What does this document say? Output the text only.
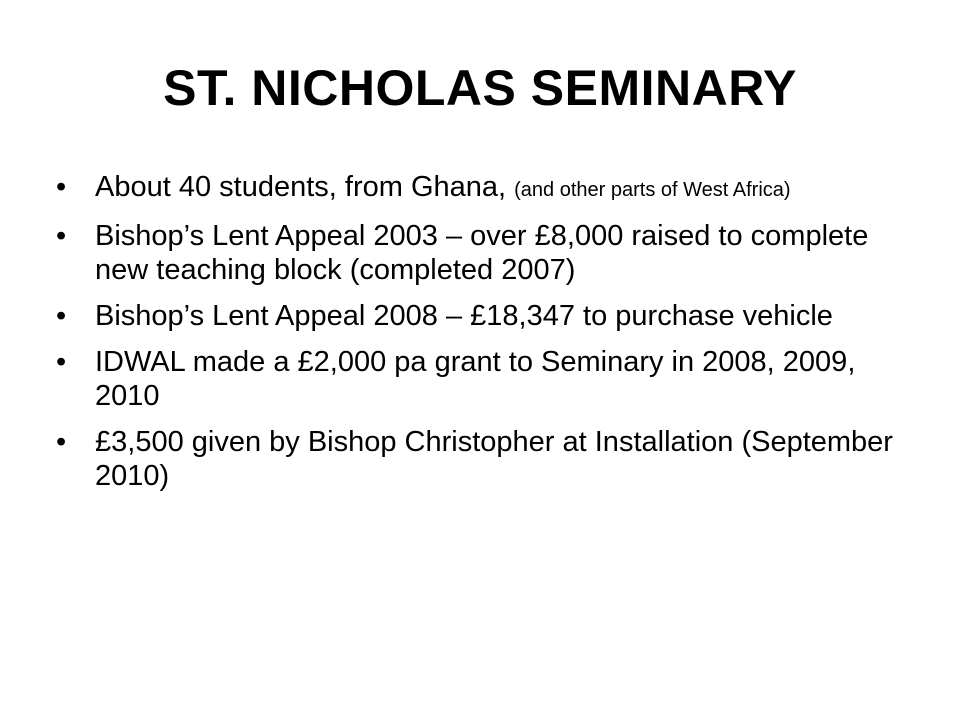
ST. NICHOLAS SEMINARY
• About 40 students, from Ghana, (and other parts of West Africa)
• Bishop’s Lent Appeal 2003 – over £8,000 raised to complete new teaching block (completed 2007)
• Bishop’s Lent Appeal 2008 – £18,347 to purchase vehicle
• IDWAL made a £2,000 pa grant to Seminary in 2008, 2009, 2010
• £3,500 given by Bishop Christopher at Installation (September 2010)
